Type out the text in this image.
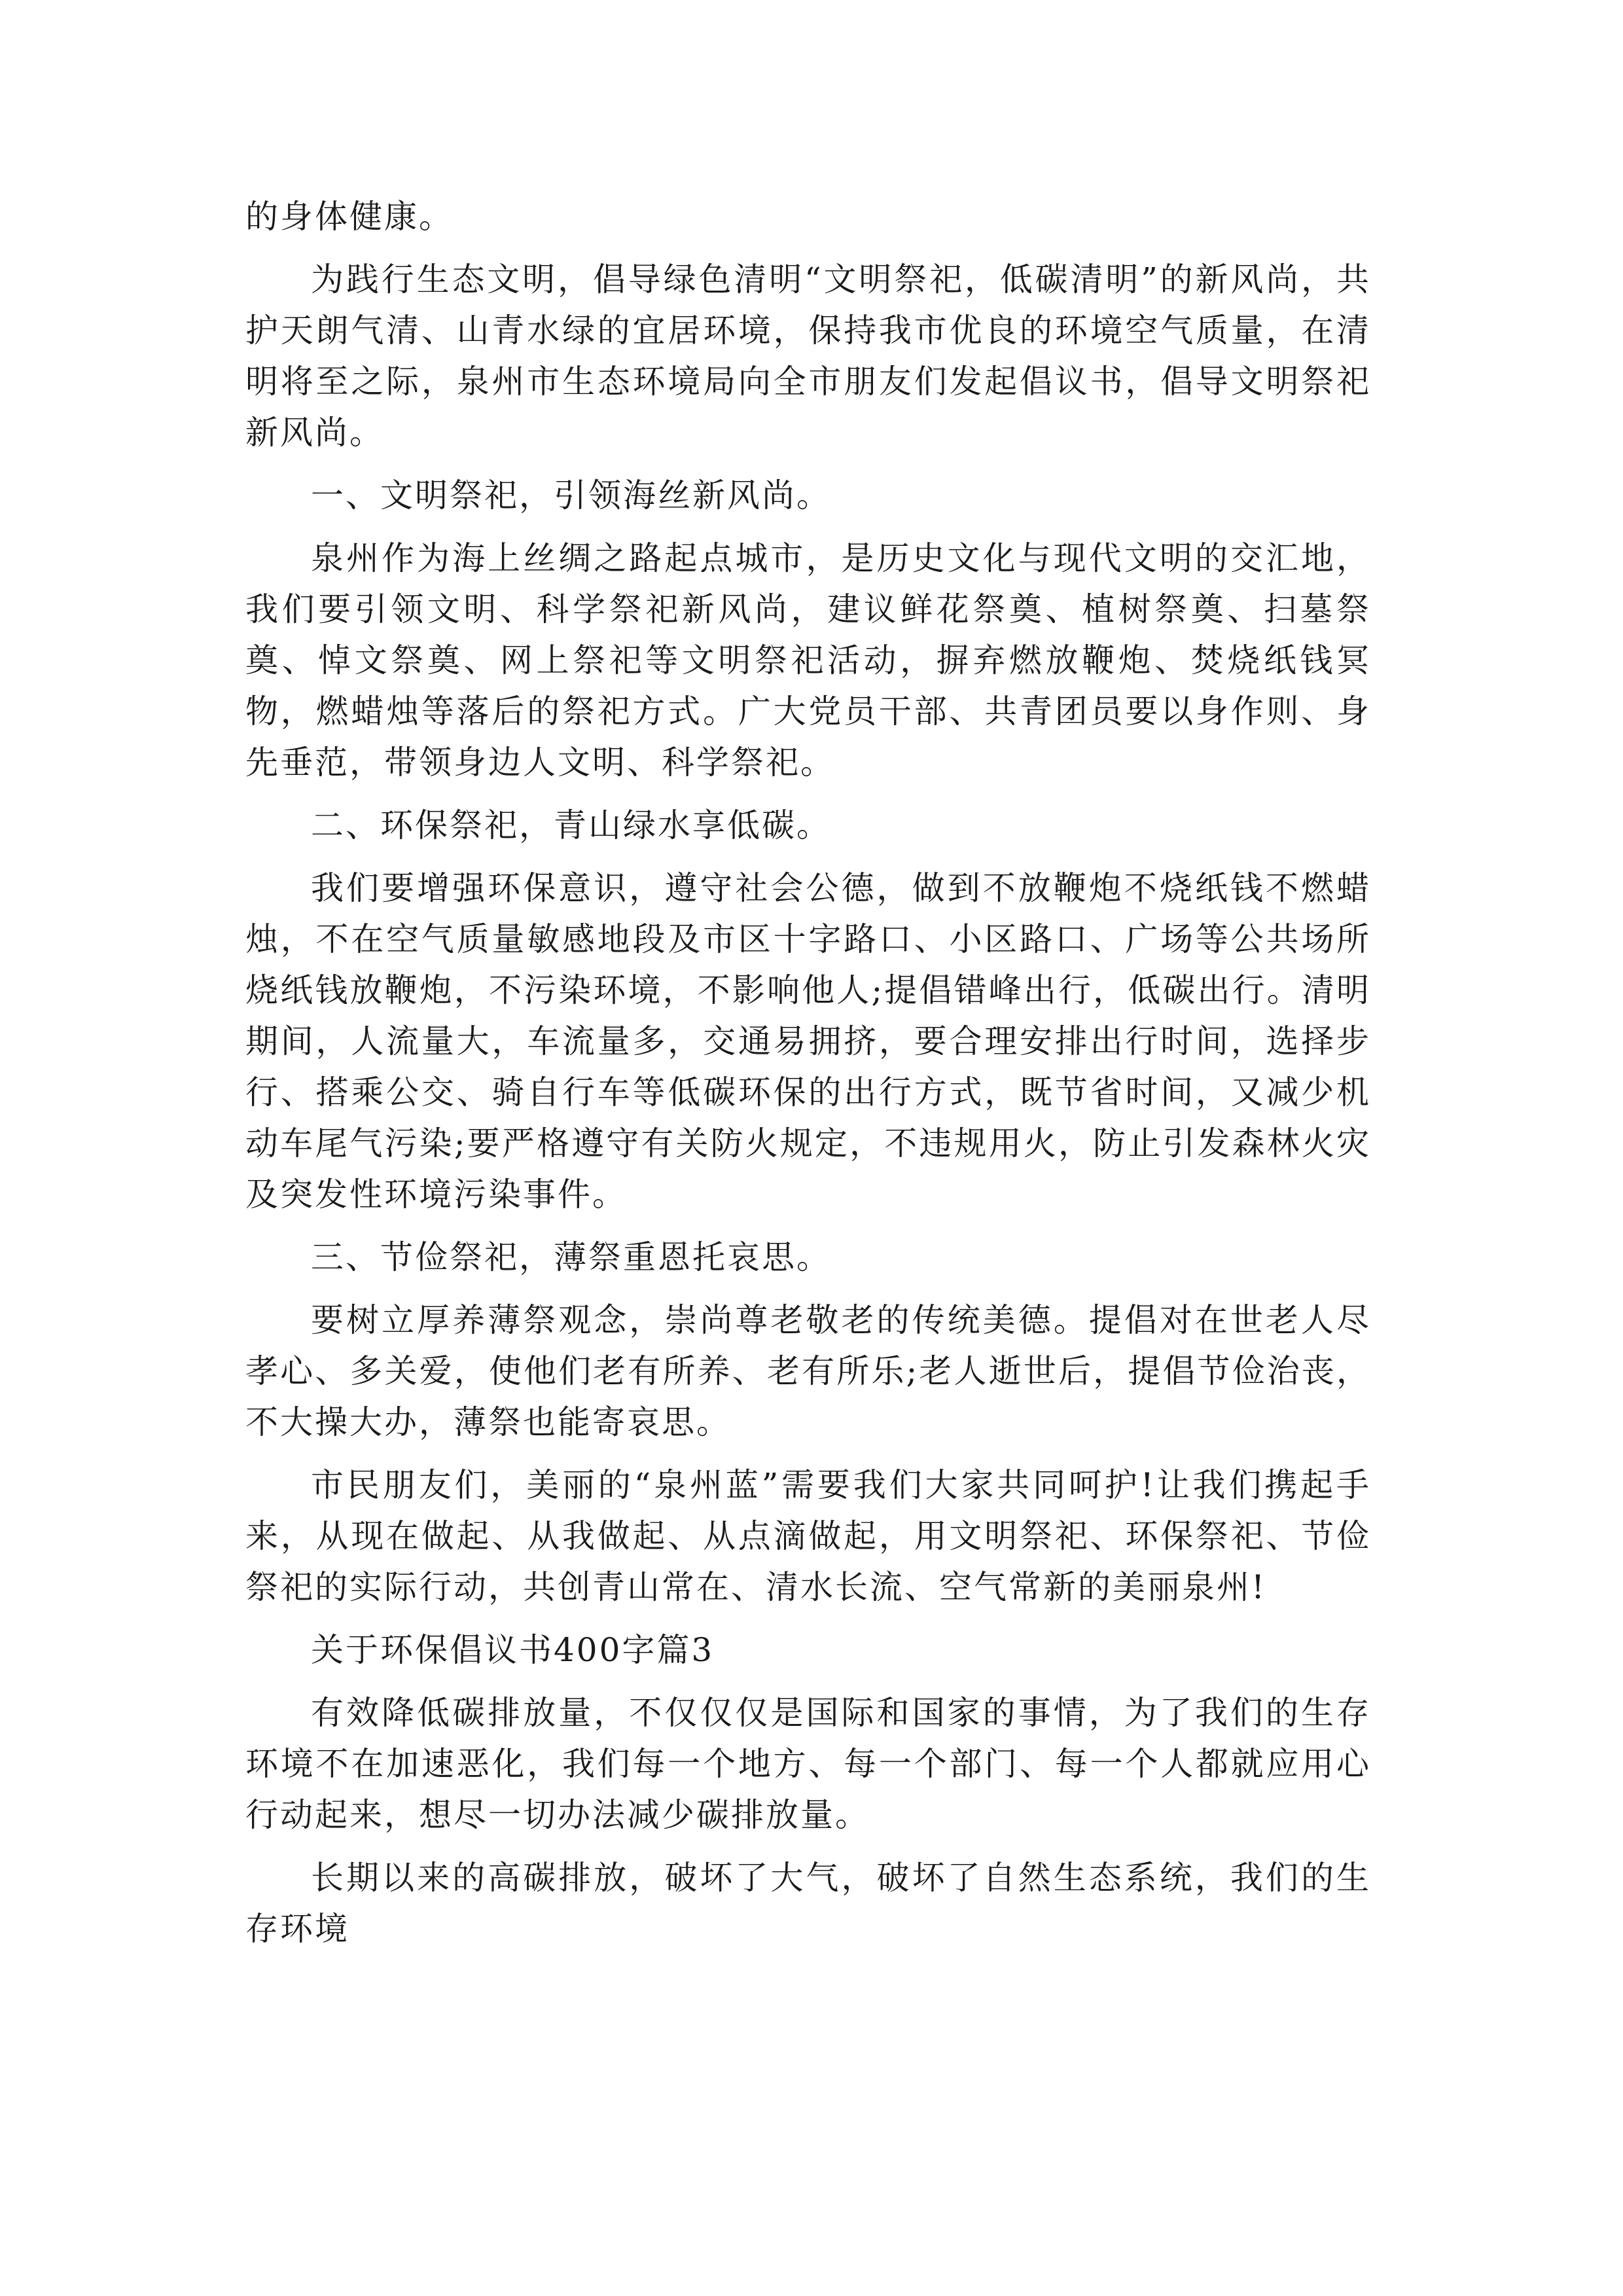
的身体健康。

为践行生态文明，倡导绿色清明“文明祭祀，低碳清明”的新风尚，共护天朗气清、山青水绿的宜居环境，保持我市优良的环境空气质量，在清明将至之际，泉州市生态环境局向全市朋友们发起倡议书，倡导文明祭祀新风尚。

一、文明祭祀，引领海丝新风尚。

泉州作为海上丝绸之路起点城市，是历史文化与现代文明的交汇地，我们要引领文明、科学祭祀新风尚，建议鲜花祭奠、植树祭奠、扫墓祭奠、悼文祭奠、网上祭祀等文明祭祀活动，摒弃燃放鞭炮、焚烧纸钱冥物，燃蜡烛等落后的祭祀方式。广大党员干部、共青团员要以身作则、身先垂范，带领身边人文明、科学祭祀。

二、环保祭祀，青山绿水享低碳。

我们要增强环保意识，遵守社会公德，做到不放鞭炮不烧纸钱不燃蜡烛，不在空气质量敏感地段及市区十字路口、小区路口、广场等公共场所烧纸钱放鞭炮，不污染环境，不影响他人;提倡错峰出行，低碳出行。清明期间，人流量大，车流量多，交通易拥挤，要合理安排出行时间，选择步行、搭乘公交、骑自行车等低碳环保的出行方式，既节省时间，又减少机动车尾气污染;要严格遵守有关防火规定，不违规用火，防止引发森林火灾及突发性环境污染事件。

三、节俭祭祀，薄祭重恩托哀思。

要树立厚养薄祭观念，崇尚尊老敬老的传统美德。提倡对在世老人尽孝心、多关爱，使他们老有所养、老有所乐;老人逝世后，提倡节俭治丧，不大操大办，薄祭也能寄哀思。

市民朋友们，美丽的“泉州蓝”需要我们大家共同呵护!让我们携起手来，从现在做起、从我做起、从点滴做起，用文明祭祀、环保祭祀、节俭祭祀的实际行动，共创青山常在、清水长流、空气常新的美丽泉州!

关于环保倡议书400字篇3

有效降低碳排放量，不仅仅仅是国际和国家的事情，为了我们的生存环境不在加速恶化，我们每一个地方、每一个部门、每一个人都就应用心行动起来，想尽一切办法减少碳排放量。

长期以来的高碳排放，破坏了大气，破坏了自然生态系统，我们的生存环境
